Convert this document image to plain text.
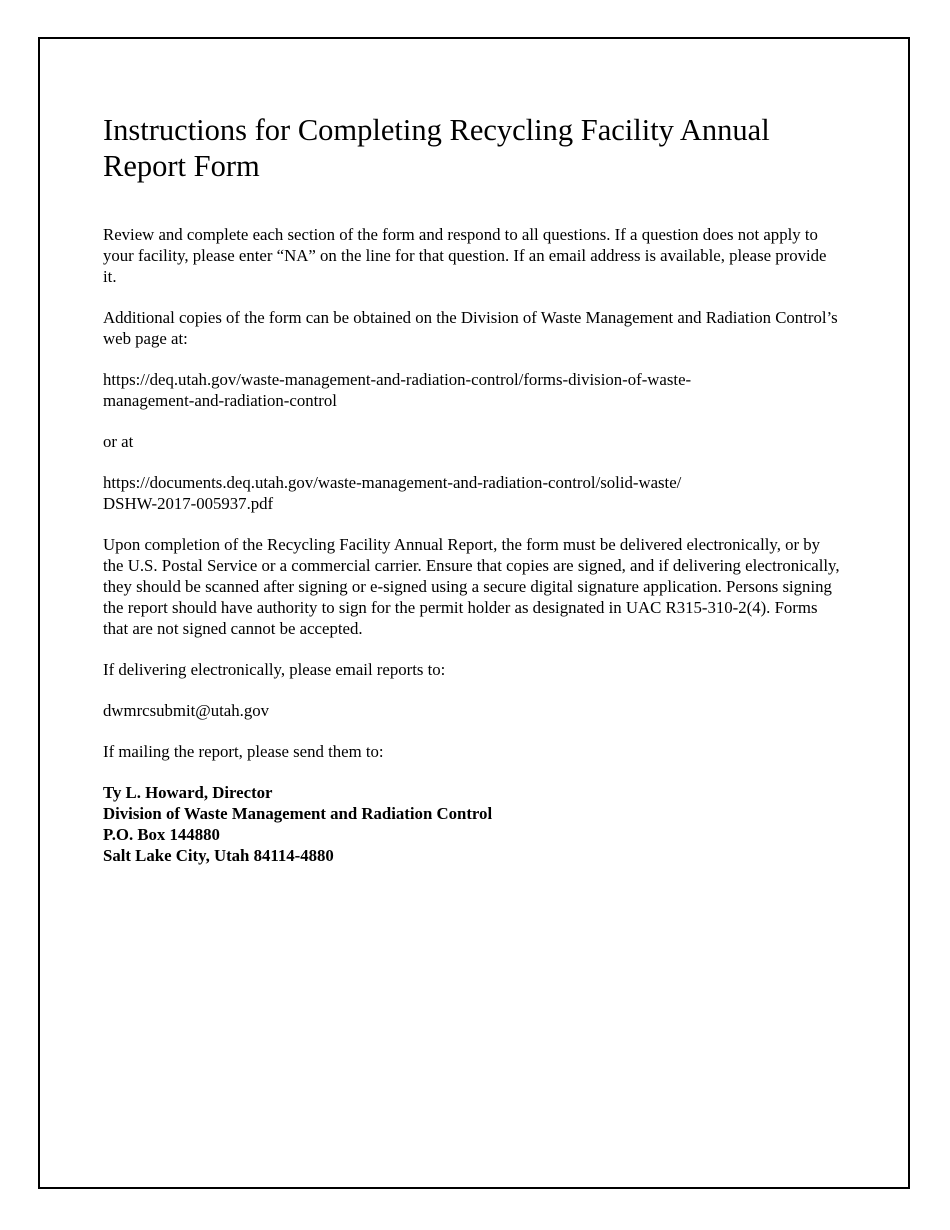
Instructions for Completing Recycling Facility Annual Report Form

Review and complete each section of the form and respond to all questions. If a question does not apply to your facility, please enter “NA” on the line for that question. If an email address is available, please provide it.

Additional copies of the form can be obtained on the Division of Waste Management and Radiation Control’s web page at:

https://deq.utah.gov/waste-management-and-radiation-control/forms-division-of-waste-
management-and-radiation-control

or at

https://documents.deq.utah.gov/waste-management-and-radiation-control/solid-waste/
DSHW-2017-005937.pdf

Upon completion of the Recycling Facility Annual Report, the form must be delivered electronically, or by the U.S. Postal Service or a commercial carrier. Ensure that copies are signed, and if delivering electronically, they should be scanned after signing or e-signed using a secure digital signature application. Persons signing the report should have authority to sign for the permit holder as designated in UAC R315-310-2(4). Forms that are not signed cannot be accepted.

If delivering electronically, please email reports to:

dwmrcsubmit@utah.gov

If mailing the report, please send them to:

Ty L. Howard, Director
Division of Waste Management and Radiation Control
P.O. Box 144880
Salt Lake City, Utah 84114-4880
